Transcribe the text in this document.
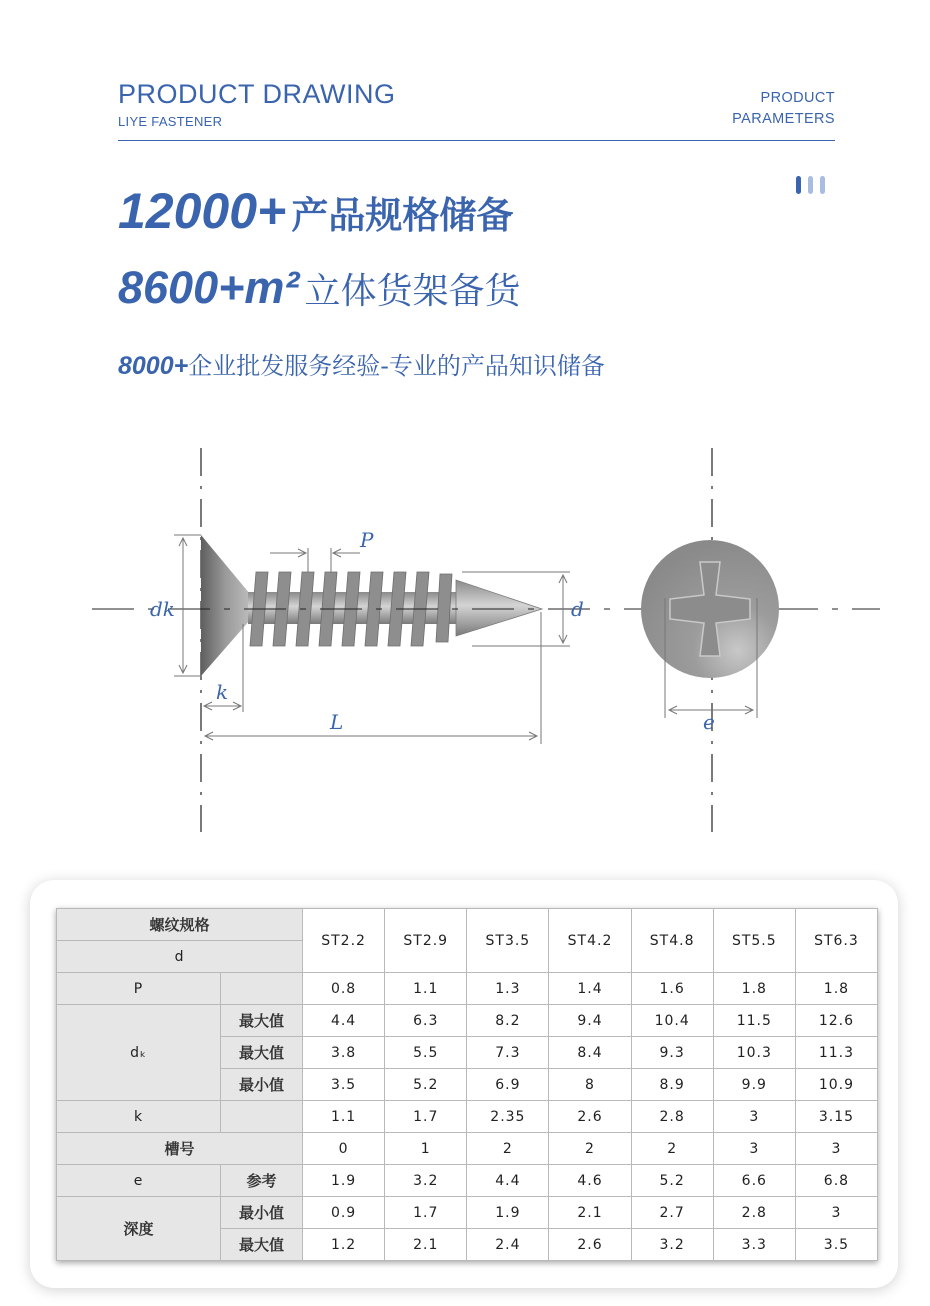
PRODUCT DRAWING
LIYE FASTENER
PRODUCT
PARAMETERS
12000+ 产品规格储备
8600+m² 立体货架备货
8000+企业批发服务经验-专业的产品知识储备
dk
P
d
k
L	e
螺纹规格		ST2.2	ST2.9	ST3.5	ST4.2	ST4.8	ST5.5	ST6.3
d								
P		0.8	1.1	1.3	1.4	1.6	1.8	1.8
dₖ	最大值	4.4	6.3	8.2	9.4	10.4	11.5	12.6
	最大值	3.8	5.5	7.3	8.4	9.3	10.3	11.3
	最小值	3.5	5.2	6.9	8	8.9	9.9	10.9
k		1.1	1.7	2.35	2.6	2.8	3	3.15
槽号		0	1	2	2	2	3	3
e	参考	1.9	3.2	4.4	4.6	5.2	6.6	6.8
深度	最小值	0.9	1.7	1.9	2.1	2.7	2.8	3
	最大值	1.2	2.1	2.4	2.6	3.2	3.3	3.5
